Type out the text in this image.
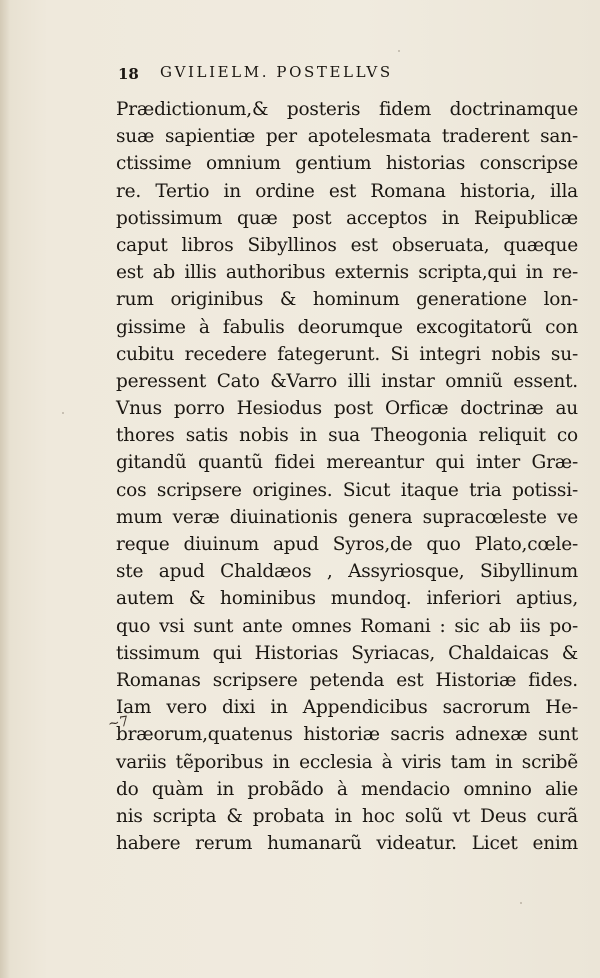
18 GVILIELM. POSTELLVS
~7
Prædictionum,& posteris fidem doctrinamque
suæ sapientiæ per apotelesmata traderent san-
ctissime omnium gentium historias conscripse
re. Tertio in ordine est Romana historia, illa
potissimum quæ post acceptos in Reipublicæ
caput libros Sibyllinos est obseruata, quæque
est ab illis authoribus externis scripta,qui in re-
rum originibus & hominum generatione lon-
gissime à fabulis deorumque excogitatorũ con
cubitu recedere fategerunt. Si integri nobis su-
peressent Cato &Varro illi instar omniũ essent.
Vnus porro Hesiodus post Orficæ doctrinæ au
thores satis nobis in sua Theogonia reliquit co
gitandũ quantũ fidei mereantur qui inter Græ-
cos scripsere origines. Sicut itaque tria potissi-
mum veræ diuinationis genera supracœleste ve
reque diuinum apud Syros,de quo Plato,cœle-
ste apud Chaldæos , Assyriosque, Sibyllinum
autem & hominibus mundoq. inferiori aptius,
quo vsi sunt ante omnes Romani : sic ab iis po-
tissimum qui Historias Syriacas, Chaldaicas &
Romanas scripsere petenda est Historiæ fides.
Iam vero dixi in Appendicibus sacrorum He-
bræorum,quatenus historiæ sacris adnexæ sunt
variis tẽporibus in ecclesia à viris tam in scribẽ
do quàm in probãdo à mendacio omnino alie
nis scripta & probata in hoc solũ vt Deus curã
habere rerum humanarũ videatur. Licet enim
